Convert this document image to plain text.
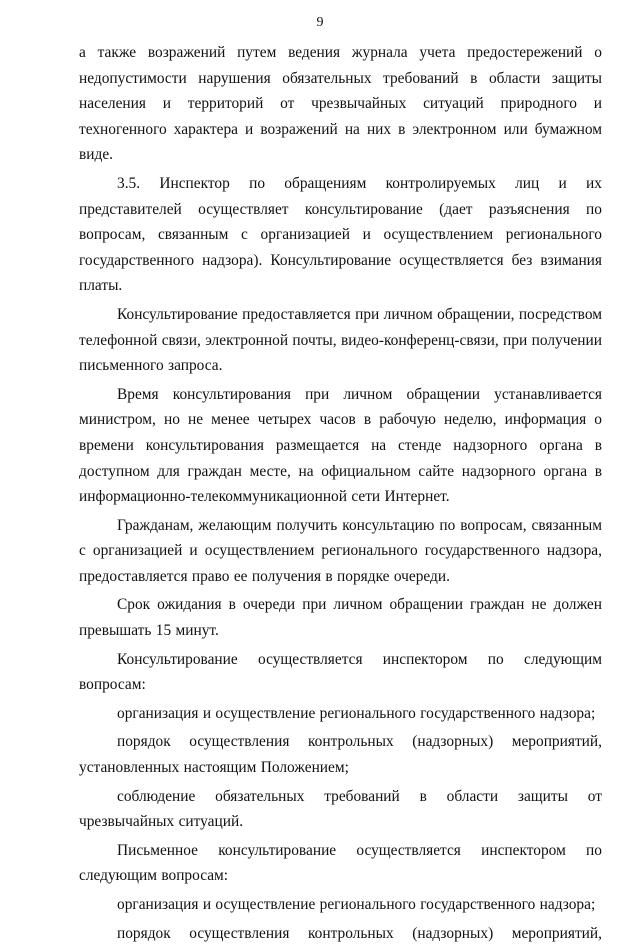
9

а также возражений путем ведения журнала учета предостережений о недопустимости нарушения обязательных требований в области защиты населения и территорий от чрезвычайных ситуаций природного и техногенного характера и возражений на них в электронном или бумажном виде.

3.5. Инспектор по обращениям контролируемых лиц и их представителей осуществляет консультирование (дает разъяснения по вопросам, связанным с организацией и осуществлением регионального государственного надзора). Консультирование осуществляется без взимания платы.

Консультирование предоставляется при личном обращении, посредством телефонной связи, электронной почты, видео-конференц-связи, при получении письменного запроса.

Время консультирования при личном обращении устанавливается министром, но не менее четырех часов в рабочую неделю, информация о времени консультирования размещается на стенде надзорного органа в доступном для граждан месте, на официальном сайте надзорного органа в информационно-телекоммуникационной сети Интернет.

Гражданам, желающим получить консультацию по вопросам, связанным с организацией и осуществлением регионального государственного надзора, предоставляется право ее получения в порядке очереди.

Срок ожидания в очереди при личном обращении граждан не должен превышать 15 минут.

Консультирование осуществляется инспектором по следующим вопросам:

организация и осуществление регионального государственного надзора;

порядок осуществления контрольных (надзорных) мероприятий, установленных настоящим Положением;

соблюдение обязательных требований в области защиты от чрезвычайных ситуаций.

Письменное консультирование осуществляется инспектором по следующим вопросам:

организация и осуществление регионального государственного надзора;

порядок осуществления контрольных (надзорных) мероприятий,
